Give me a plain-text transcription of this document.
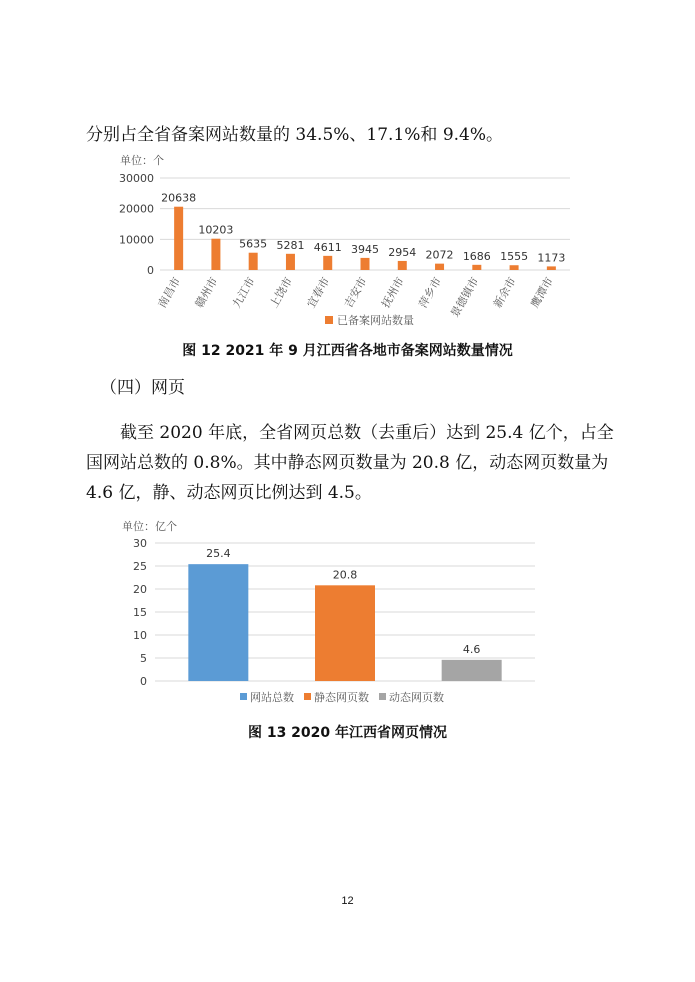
分别占全省备案网站数量的 34.5%、17.1%和 9.4%。

单位：个
0
10000
20000
30000
20638
南昌市
10203
赣州市
5635
九江市
5281
上饶市
4611
宜春市
3945
吉安市
2954
抚州市
2072
萍乡市
1686
景德镇市
1555
新余市
1173
鹰潭市
已备案网站数量
图 12 2021 年 9 月江西省各地市备案网站数量情况
（四）网页

截至 2020 年底，全省网页总数（去重后）达到 25.4 亿个，占全国网站总数的 0.8%。其中静态网页数量为 20.8 亿，动态网页数量为 4.6 亿，静、动态网页比例达到 4.5。

单位：亿个
0
5
10
15
20
25
30
25.4
20.8
4.6
网站总数 静态网页数 动态网页数
图 13 2020 年江西省网页情况
12
